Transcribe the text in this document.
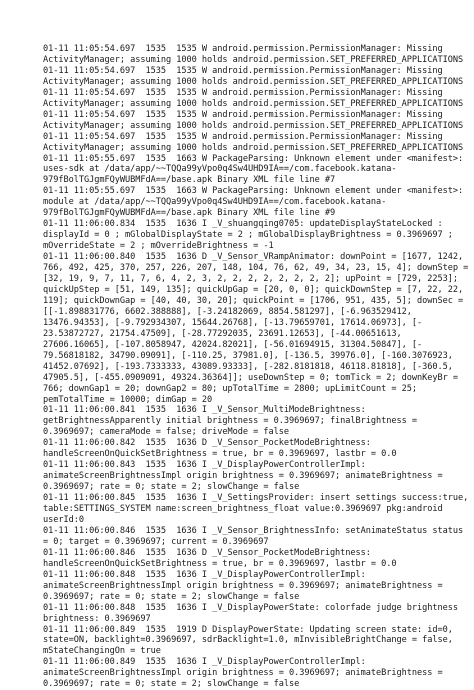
01-11 11:05:54.697  1535  1535 W android.permission.PermissionManager: Missing

ActivityManager; assuming 1000 holds android.permission.SET_PREFERRED_APPLICATIONS

01-11 11:05:54.697  1535  1535 W android.permission.PermissionManager: Missing

ActivityManager; assuming 1000 holds android.permission.SET_PREFERRED_APPLICATIONS

01-11 11:05:54.697  1535  1535 W android.permission.PermissionManager: Missing

ActivityManager; assuming 1000 holds android.permission.SET_PREFERRED_APPLICATIONS

01-11 11:05:54.697  1535  1535 W android.permission.PermissionManager: Missing

ActivityManager; assuming 1000 holds android.permission.SET_PREFERRED_APPLICATIONS

01-11 11:05:54.697  1535  1535 W android.permission.PermissionManager: Missing

ActivityManager; assuming 1000 holds android.permission.SET_PREFERRED_APPLICATIONS

01-11 11:05:55.697  1535  1663 W PackageParsing: Unknown element under <manifest>:

uses-sdk at /data/app/~~TQQa99yVpo0q4Sw4UHD9IA==/com.facebook.katana-

979fBolTGJgmFQyWUBMFdA==/base.apk Binary XML file line #7

01-11 11:05:55.697  1535  1663 W PackageParsing: Unknown element under <manifest>:

module at /data/app/~~TQQa99yVpo0q4Sw4UHD9IA==/com.facebook.katana-

979fBolTGJgmFQyWUBMFdA==/base.apk Binary XML file line #9

01-11 11:06:00.834  1535  1636 I _V_shuangqing0705: updateDisplayStateLocked :

displayId = 0 ; mGlobalDisplayState = 2 ; mGlobalDisplayBrightness = 0.3969697 ;

mOverrideState = 2 ; mOverrideBrightness = -1

01-11 11:06:00.840  1535  1636 D _V_Sensor_VRampAnimator: downPoint = [1677, 1242,

766, 492, 425, 370, 257, 226, 207, 148, 104, 76, 62, 49, 34, 23, 15, 4]; downStep =

[32, 19, 9, 7, 11, 7, 6, 4, 2, 3, 2, 2, 2, 2, 2, 2, 2, 2]; upPoint = [729, 2253];

quickUpStep = [51, 149, 135]; quickUpGap = [20, 0, 0]; quickDownStep = [7, 22, 22,

119]; quickDownGap = [40, 40, 30, 20]; quickPoint = [1706, 951, 435, 5]; downSec =

[[-1.898831776, 6602.388888], [-3.24182069, 8854.581297], [-6.963529412,

13476.94353], [-9.792934307, 15644.26768], [-13.79659701, 17614.06973], [-

23.53872727, 21754.47509], [-28.77292035, 23691.12653], [-44.00651613,

27606.16065], [-107.8058947, 42024.82021], [-56.01694915, 31304.50847], [-

79.56818182, 34790.09091], [-110.25, 37981.0], [-136.5, 39976.0], [-160.3076923,

41452.07692], [-193.7333333, 43089.93333], [-282.8181818, 46118.81818], [-360.5,

47905.5], [-455.0909091, 49324.36364]]; useDownStep = 0; tomTick = 2; downKeyBr =

766; downGap1 = 20; downGap2 = 80; upTotalTime = 2800; upLimitCount = 25;

pemTotalTime = 10000; dimGap = 20

01-11 11:06:00.841  1535  1636 I _V_Sensor_MultiModeBrightness:

getBrightnessApparently initial brightness = 0.3969697; finalBrightness =

0.3969697; cameraMode = false; driveMode = false

01-11 11:06:00.842  1535  1636 D _V_Sensor_PocketModeBrightness:

handleScreenOnQuickSetBrightness = true, br = 0.3969697, lastbr = 0.0

01-11 11:06:00.843  1535  1636 I _V_DisplayPowerControllerImpl:

animateScreenBrightnessImpl origin brightness = 0.3969697; animateBrightness =

0.3969697; rate = 0; state = 2; slowChange = false

01-11 11:06:00.845  1535  1636 I _V_SettingsProvider: insert settings success:true,

table:SETTINGS_SYSTEM name:screen_brightness_float value:0.3969697 pkg:android

userId:0

01-11 11:06:00.846  1535  1636 I _V_Sensor_BrightnessInfo: setAnimateStatus status

= 0; target = 0.3969697; current = 0.3969697

01-11 11:06:00.846  1535  1636 D _V_Sensor_PocketModeBrightness:

handleScreenOnQuickSetBrightness = true, br = 0.3969697, lastbr = 0.0

01-11 11:06:00.848  1535  1636 I _V_DisplayPowerControllerImpl:

animateScreenBrightnessImpl origin brightness = 0.3969697; animateBrightness =

0.3969697; rate = 0; state = 2; slowChange = false

01-11 11:06:00.848  1535  1636 I _V_DisplayPowerState: colorfade judge brightness

brightness: 0.3969697

01-11 11:06:00.849  1535  1919 D DisplayPowerState: Updating screen state: id=0,

state=ON, backlight=0.3969697, sdrBacklight=1.0, mInvisibleBrightChange = false,

mStateChangingOn = true

01-11 11:06:00.849  1535  1636 I _V_DisplayPowerControllerImpl:

animateScreenBrightnessImpl origin brightness = 0.3969697; animateBrightness =

0.3969697; rate = 0; state = 2; slowChange = false
